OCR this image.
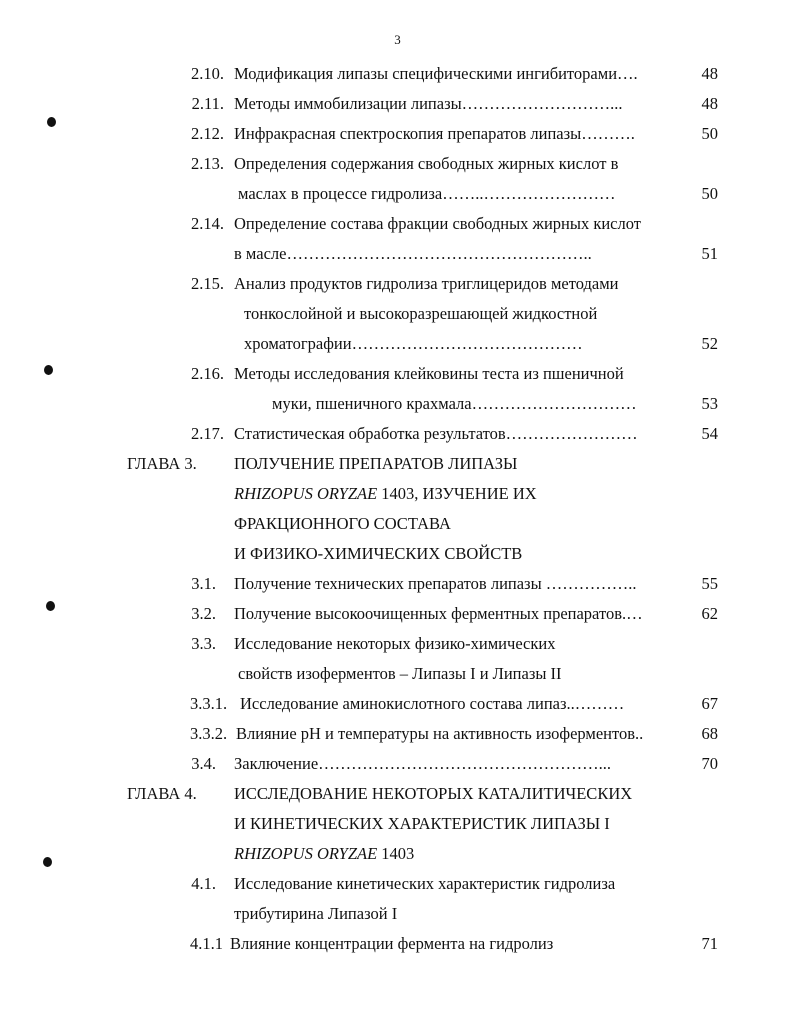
3
2.10. Модификация липазы специфическими ингибиторами….	48
2.11. Методы иммобилизации липазы………………………...	48
2.12. Инфракрасная спектроскопия препаратов липазы……….	50
2.13. Определения содержания свободных жирных кислот в
маслах в процессе гидролиза……..……………………	50
2.14. Определение состава фракции свободных жирных кислот
в масле………………………………………………..	51
2.15. Анализ продуктов гидролиза триглицеридов методами
тонкослойной и высокоразрешающей жидкостной
хроматографии……………………………………	52
2.16. Методы исследования клейковины теста из пшеничной
муки, пшеничного крахмала…………………………	53
2.17. Статистическая обработка результатов……………………	54
ГЛАВА 3. ПОЛУЧЕНИЕ ПРЕПАРАТОВ ЛИПАЗЫ
RHIZOPUS ORYZAE 1403, ИЗУЧЕНИЕ ИХ
ФРАКЦИОННОГО СОСТАВА
И ФИЗИКО-ХИМИЧЕСКИХ СВОЙСТВ
3.1. Получение технических препаратов липазы ……………..	55
3.2. Получение высокоочищенных ферментных препаратов.…	62
3.3. Исследование некоторых физико-химических
свойств изоферментов – Липазы I и Липазы II
3.3.1. Исследование аминокислотного состава липаз..………	67
3.3.2. Влияние рН и температуры на активность изоферментов..	68
3.4. Заключение……………………………………………...	70
ГЛАВА 4. ИССЛЕДОВАНИЕ НЕКОТОРЫХ КАТАЛИТИЧЕСКИХ
И КИНЕТИЧЕСКИХ ХАРАКТЕРИСТИК ЛИПАЗЫ I
RHIZOPUS ORYZAE 1403
4.1. Исследование кинетических характеристик гидролиза
трибутирина Липазой I
4.1.1 Влияние концентрации фермента на гидролиз	71
